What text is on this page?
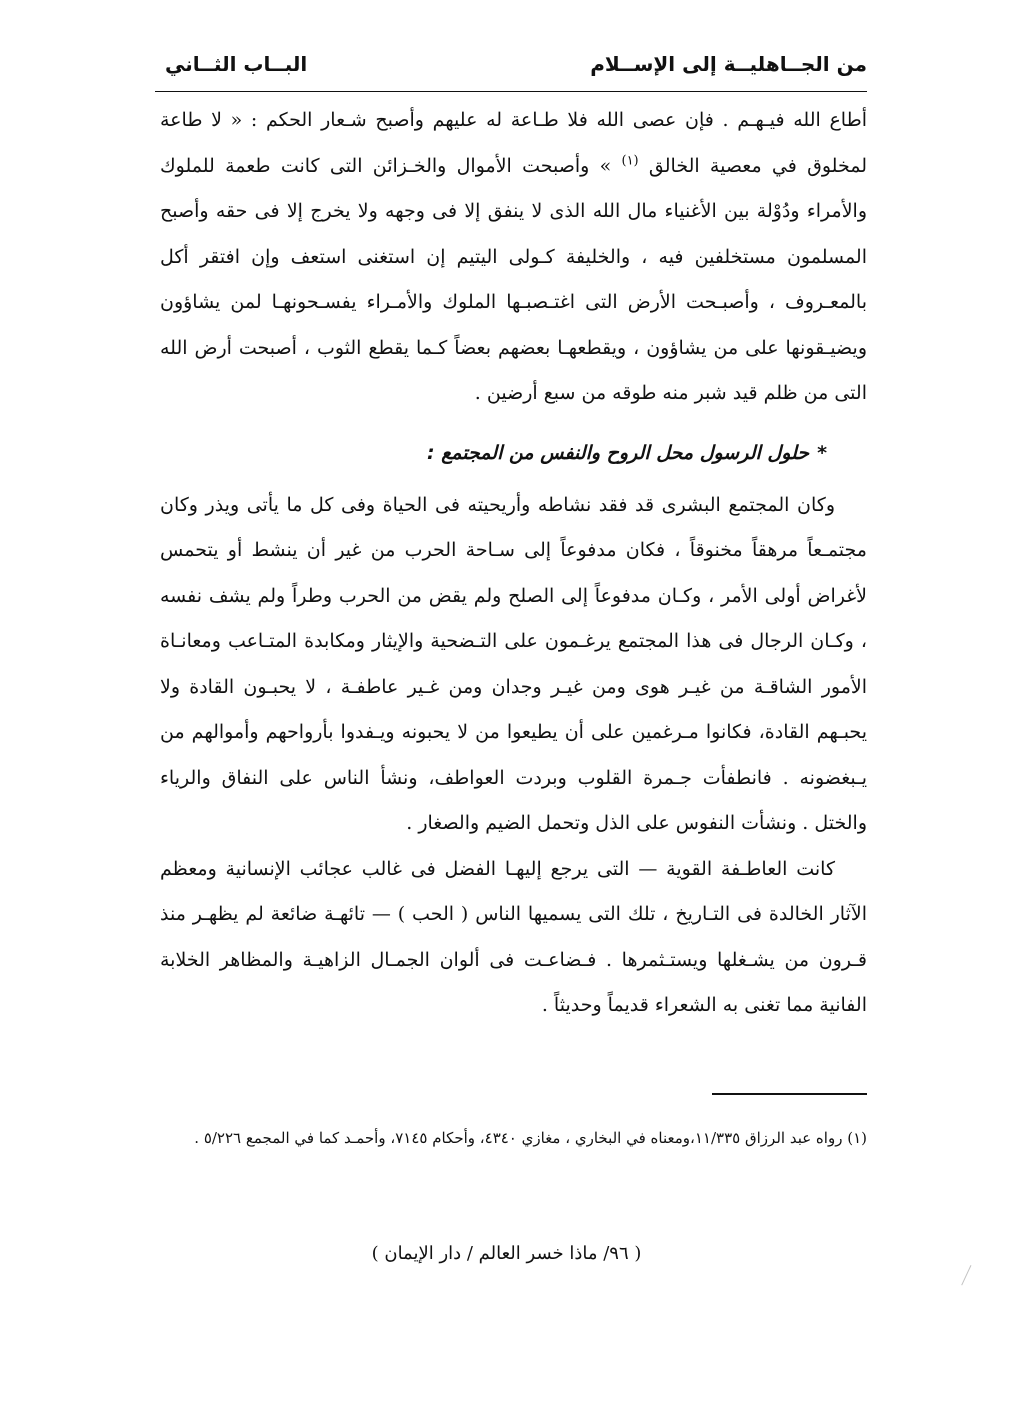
من الجــاهليــة إلى الإســلام
البــاب الثــاني

أطاع الله فيـهـم . فإن عصى الله فلا طـاعة له عليهم وأصبح شـعار الحكم : « لا طاعة لمخلوق في معصية الخالق $^{(١)}$ » وأصبحت الأموال والخـزائن التى كانت طعمة للملوك والأمراء ودُوْلة بين الأغنياء مال الله الذى لا ينفق إلا فى وجهه ولا يخرج إلا فى حقه وأصبح المسلمون مستخلفين فيه ، والخليفة كـولى اليتيم إن استغنى استعف وإن افتقر أكل بالمعـروف ، وأصبـحت الأرض التى اغتـصبـها الملوك والأمـراء يفسـحونهـا لمن يشاؤون ويضيـقونها على من يشاؤون ، ويقطعهـا بعضهم بعضاً كـما يقطع الثوب ، أصبحت أرض الله التى من ظلم قيد شبر منه طوقه من سبع أرضين .

*حلول الرسول محل الروح والنفس من المجتمع :

وكان المجتمع البشرى قد فقد نشاطه وأريحيته فى الحياة وفى كل ما يأتى ويذر وكان مجتمـعاً مرهقاً مخنوقاً ، فكان مدفوعاً إلى سـاحة الحرب من غير أن ينشط أو يتحمس لأغراض أولى الأمر ، وكـان مدفوعاً إلى الصلح ولم يقض من الحرب وطراً ولم يشف نفسه ، وكـان الرجال فى هذا المجتمع يرغـمون على التـضحية والإيثار ومكابدة المتـاعب ومعانـاة الأمور الشاقـة من غيـر هوى ومن غيـر وجدان ومن غـير عاطفـة ، لا يحبـون القادة ولا يحبـهم القادة، فكانوا مـرغمين على أن يطيعوا من لا يحبونه ويـفدوا بأرواحهم وأموالهم من يـبغضونه . فانطفأت جـمرة القلوب وبردت العواطف، ونشأ الناس على النفاق والرياء والختل . ونشأت النفوس على الذل وتحمل الضيم والصغار .

كانت العاطـفة القوية — التى يرجع إليهـا الفضل فى غالب عجائب الإنسانية ومعظم الآثار الخالدة فى التـاريخ ، تلك التى يسميها الناس ( الحب ) — تائهـة ضائعة لم يظهـر منذ قـرون من يشـغلها ويستـثمرها . فـضاعـت فى ألوان الجمـال الزاهيـة والمظاهر الخلابة الفانية مما تغنى به الشعراء قديماً وحديثاً .

(١) رواه عبد الرزاق ١١/٣٣٥،ومعناه في البخاري ، مغازي ٤٣٤٠، وأحكام ٧١٤٥، وأحمـد كما في المجمع ٥/٢٢٦ .
( ٩٦/ ماذا خسر العالم / دار الإيمان )
